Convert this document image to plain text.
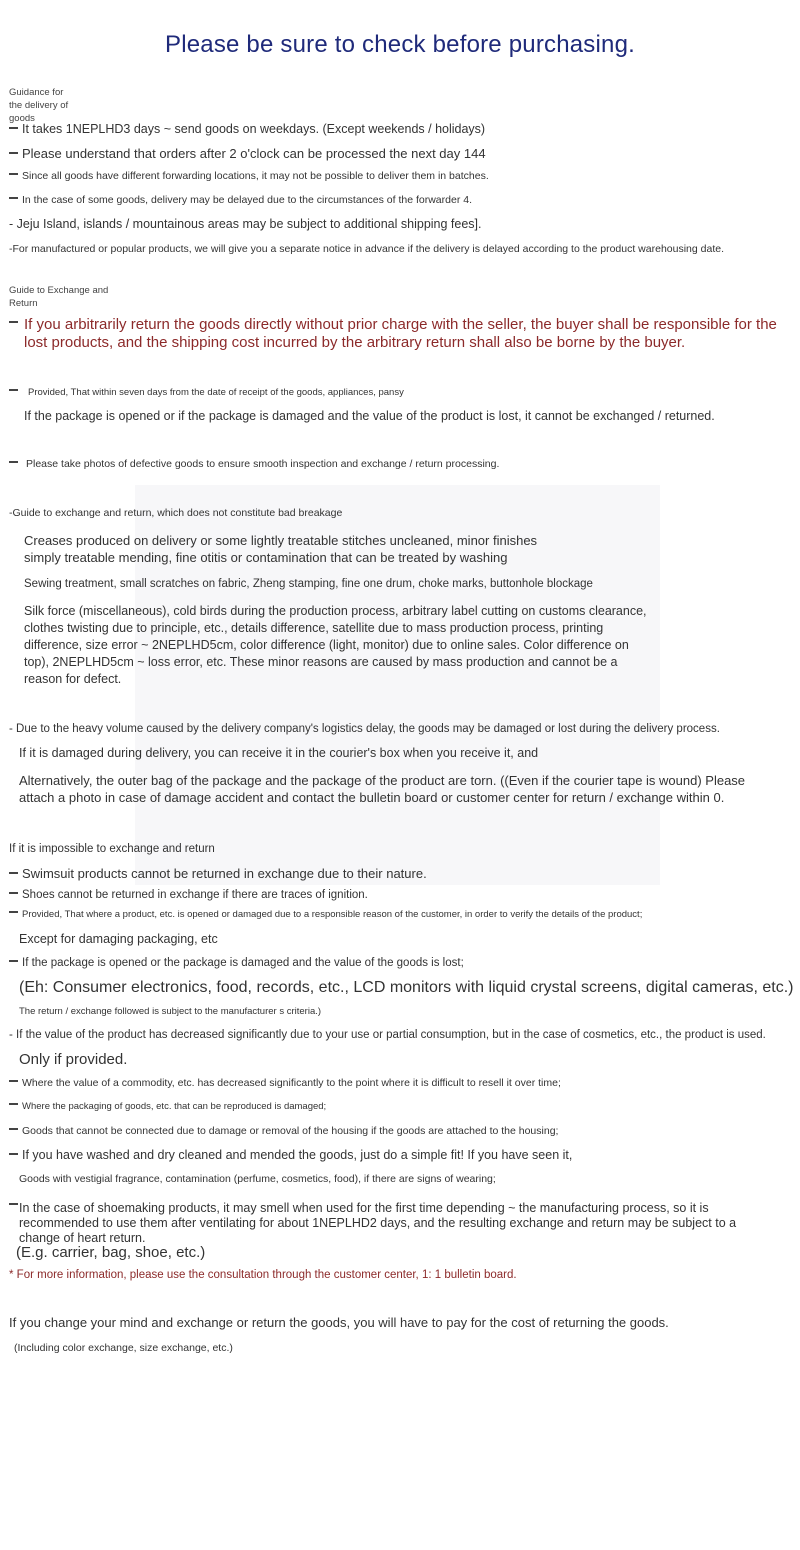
Please be sure to check before purchasing.
Guidance for the delivery of goods
It takes 1NEPLHD3 days ~ send goods on weekdays. (Except weekends / holidays)
Please understand that orders after 2 o'clock can be processed the next day 144
Since all goods have different forwarding locations, it may not be possible to deliver them in batches.
In the case of some goods, delivery may be delayed due to the circumstances of the forwarder 4.
- Jeju Island, islands / mountainous areas may be subject to additional shipping fees].
-For manufactured or popular products, we will give you a separate notice in advance if the delivery is delayed according to the product warehousing date.
Guide to Exchange and Return
If you arbitrarily return the goods directly without prior charge with the seller, the buyer shall be responsible for the lost products, and the shipping cost incurred by the arbitrary return shall also be borne by the buyer.
Provided, That within seven days from the date of receipt of the goods, appliances, pansy
If the package is opened or if the package is damaged and the value of the product is lost, it cannot be exchanged / returned.
Please take photos of defective goods to ensure smooth inspection and exchange / return processing.
-Guide to exchange and return, which does not constitute bad breakage
Creases produced on delivery or some lightly treatable stitches uncleaned, minor finishes simply treatable mending, fine otitis or contamination that can be treated by washing
Sewing treatment, small scratches on fabric, Zheng stamping, fine one drum, choke marks, buttonhole blockage
Silk force (miscellaneous), cold birds during the production process, arbitrary label cutting on customs clearance, clothes twisting due to principle, etc., details difference, satellite due to mass production process, printing difference, size error ~ 2NEPLHD5cm, color difference (light, monitor) due to online sales. Color difference on top), 2NEPLHD5cm ~ loss error, etc. These minor reasons are caused by mass production and cannot be a reason for defect.
- Due to the heavy volume caused by the delivery company's logistics delay, the goods may be damaged or lost during the delivery process.
If it is damaged during delivery, you can receive it in the courier's box when you receive it, and
Alternatively, the outer bag of the package and the package of the product are torn. ((Even if the courier tape is wound) Please attach a photo in case of damage accident and contact the bulletin board or customer center for return / exchange within 0.
If it is impossible to exchange and return
Swimsuit products cannot be returned in exchange due to their nature.
Shoes cannot be returned in exchange if there are traces of ignition.
Provided, That where a product, etc. is opened or damaged due to a responsible reason of the customer, in order to verify the details of the product;
Except for damaging packaging, etc
If the package is opened or the package is damaged and the value of the goods is lost;
(Eh: Consumer electronics, food, records, etc., LCD monitors with liquid crystal screens, digital cameras, etc.)
The return / exchange followed is subject to the manufacturer s criteria.)
- If the value of the product has decreased significantly due to your use or partial consumption, but in the case of cosmetics, etc., the product is used.
Only if provided.
Where the value of a commodity, etc. has decreased significantly to the point where it is difficult to resell it over time;
Where the packaging of goods, etc. that can be reproduced is damaged;
Goods that cannot be connected due to damage or removal of the housing if the goods are attached to the housing;
If you have washed and dry cleaned and mended the goods, just do a simple fit! If you have seen it,
Goods with vestigial fragrance, contamination (perfume, cosmetics, food), if there are signs of wearing;
In the case of shoemaking products, it may smell when used for the first time depending ~ the manufacturing process, so it is recommended to use them after ventilating for about 1NEPLHD2 days, and the resulting exchange and return may be subject to a change of heart return.
(E.g. carrier, bag, shoe, etc.)
* For more information, please use the consultation through the customer center, 1: 1 bulletin board.
If you change your mind and exchange or return the goods, you will have to pay for the cost of returning the goods.
(Including color exchange, size exchange, etc.)
